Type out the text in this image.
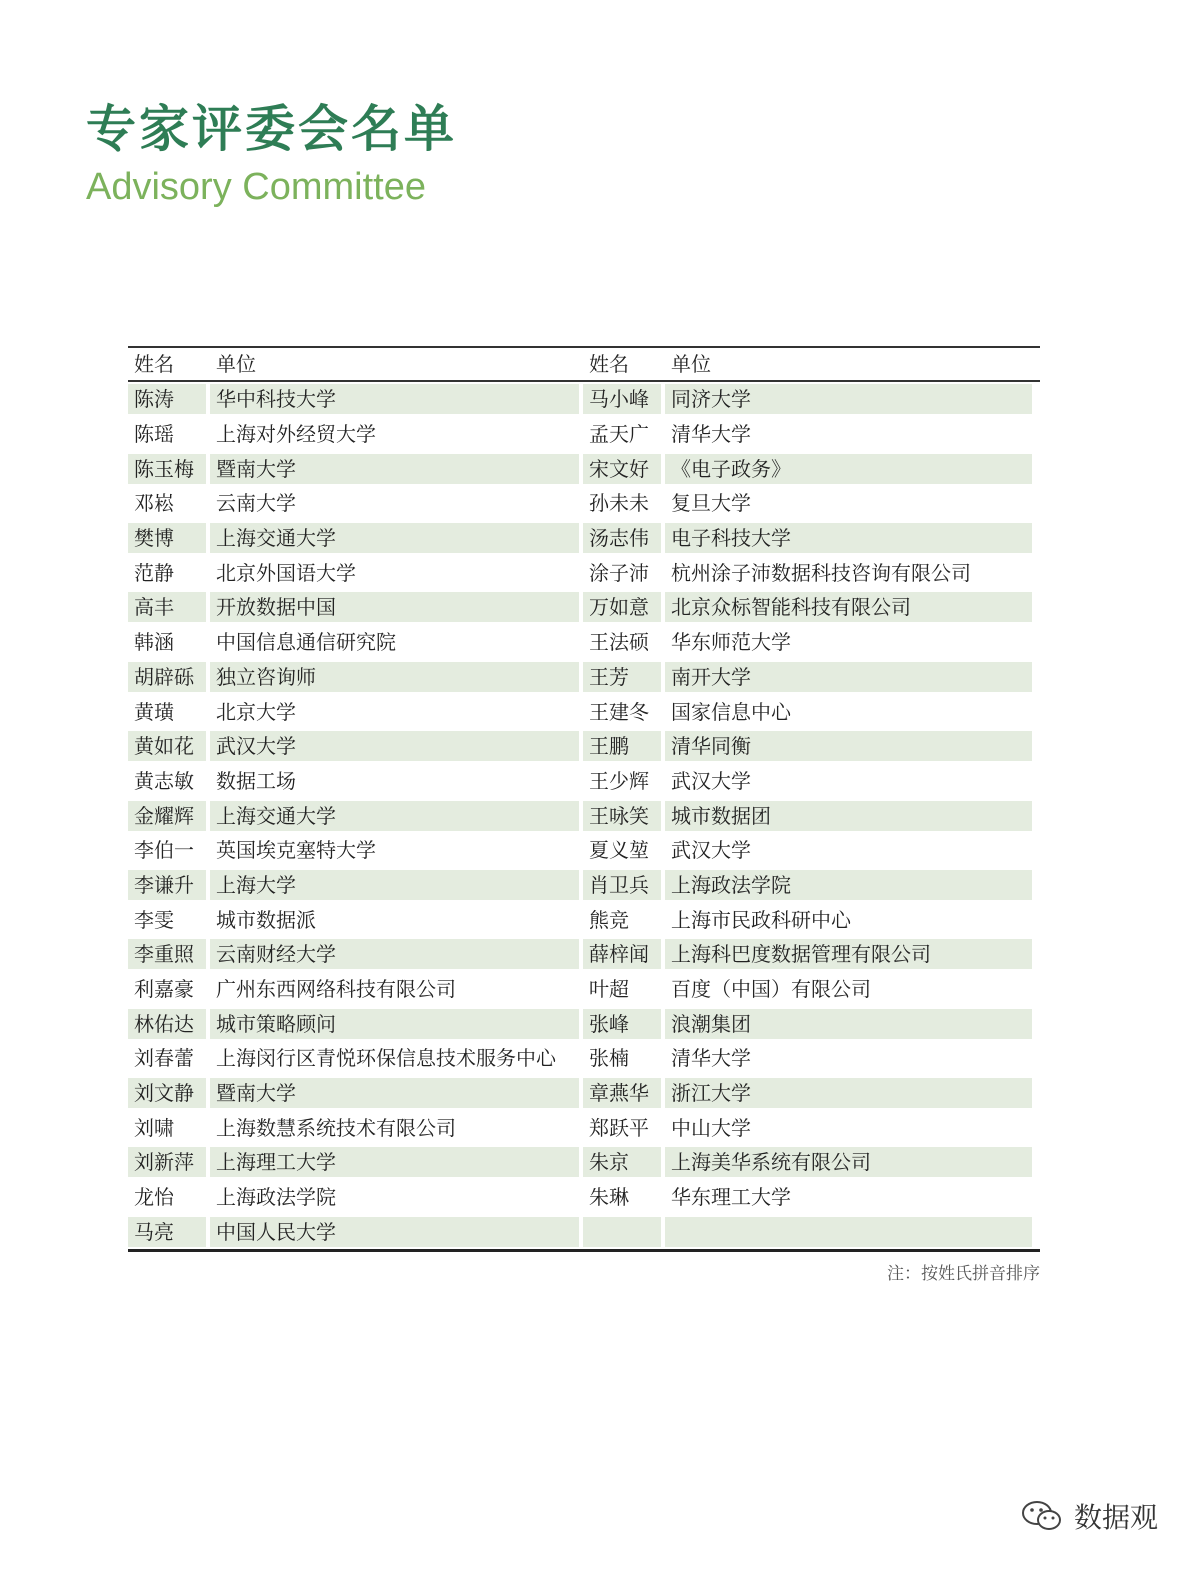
专家评委会名单
Advisory Committee
姓名	单位	姓名	单位
陈涛	华中科技大学	马小峰	同济大学
陈瑶	上海对外经贸大学	孟天广	清华大学
陈玉梅	暨南大学	宋文好	《电子政务》
邓崧	云南大学	孙未未	复旦大学
樊博	上海交通大学	汤志伟	电子科技大学
范静	北京外国语大学	涂子沛	杭州涂子沛数据科技咨询有限公司
高丰	开放数据中国	万如意	北京众标智能科技有限公司
韩涵	中国信息通信研究院	王法硕	华东师范大学
胡辟砾	独立咨询师	王芳	南开大学
黄璜	北京大学	王建冬	国家信息中心
黄如花	武汉大学	王鹏	清华同衡
黄志敏	数据工场	王少辉	武汉大学
金耀辉	上海交通大学	王咏笑	城市数据团
李伯一	英国埃克塞特大学	夏义堃	武汉大学
李谦升	上海大学	肖卫兵	上海政法学院
李雯	城市数据派	熊竞	上海市民政科研中心
李重照	云南财经大学	薛梓闻	上海科巴度数据管理有限公司
利嘉豪	广州东西网络科技有限公司	叶超	百度（中国）有限公司
林佑达	城市策略顾问	张峰	浪潮集团
刘春蕾	上海闵行区青悦环保信息技术服务中心	张楠	清华大学
刘文静	暨南大学	章燕华	浙江大学
刘啸	上海数慧系统技术有限公司	郑跃平	中山大学
刘新萍	上海理工大学	朱京	上海美华系统有限公司
龙怡	上海政法学院	朱琳	华东理工大学
马亮	中国人民大学
注：按姓氏拼音排序
数据观
